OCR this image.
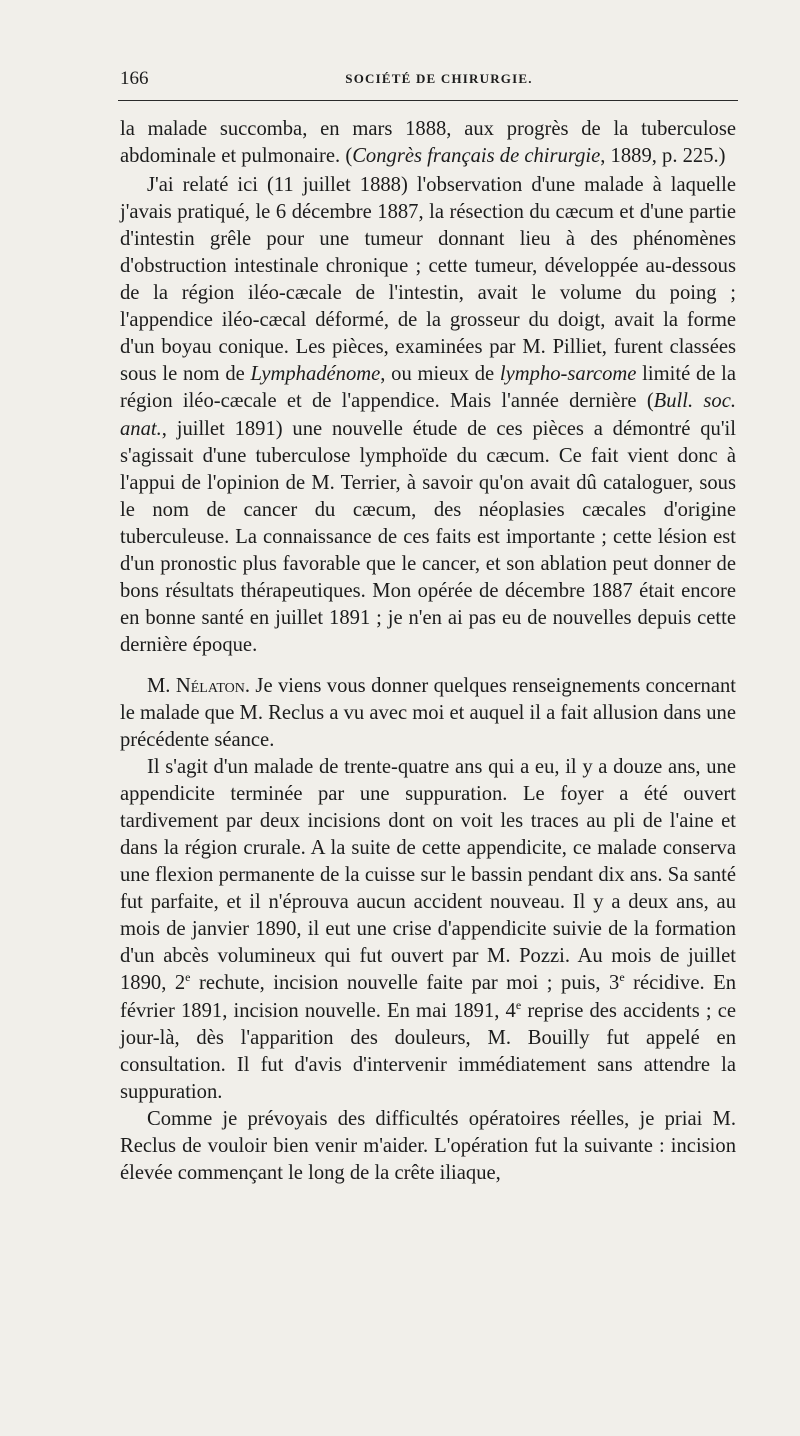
166	SOCIÉTÉ DE CHIRURGIE.

la malade succomba, en mars 1888, aux progrès de la tuberculose abdominale et pulmonaire. (Congrès français de chirurgie, 1889, p. 225.)

J'ai relaté ici (11 juillet 1888) l'observation d'une malade à laquelle j'avais pratiqué, le 6 décembre 1887, la résection du cæcum et d'une partie d'intestin grêle pour une tumeur donnant lieu à des phénomènes d'obstruction intestinale chronique ; cette tumeur, développée au-dessous de la région iléo-cæcale de l'intestin, avait le volume du poing ; l'appendice iléo-cæcal déformé, de la grosseur du doigt, avait la forme d'un boyau conique. Les pièces, examinées par M. Pilliet, furent classées sous le nom de Lymphadénome, ou mieux de lympho-sarcome limité de la région iléo-cæcale et de l'appendice. Mais l'année dernière (Bull. soc. anat., juillet 1891) une nouvelle étude de ces pièces a démontré qu'il s'agissait d'une tuberculose lymphoïde du cæcum. Ce fait vient donc à l'appui de l'opinion de M. Terrier, à savoir qu'on avait dû cataloguer, sous le nom de cancer du cæcum, des néoplasies cæcales d'origine tuberculeuse. La connaissance de ces faits est importante ; cette lésion est d'un pronostic plus favorable que le cancer, et son ablation peut donner de bons résultats thérapeutiques. Mon opérée de décembre 1887 était encore en bonne santé en juillet 1891 ; je n'en ai pas eu de nouvelles depuis cette dernière époque.

M. Nélaton. Je viens vous donner quelques renseignements concernant le malade que M. Reclus a vu avec moi et auquel il a fait allusion dans une précédente séance.

Il s'agit d'un malade de trente-quatre ans qui a eu, il y a douze ans, une appendicite terminée par une suppuration. Le foyer a été ouvert tardivement par deux incisions dont on voit les traces au pli de l'aine et dans la région crurale. A la suite de cette appendicite, ce malade conserva une flexion permanente de la cuisse sur le bassin pendant dix ans. Sa santé fut parfaite, et il n'éprouva aucun accident nouveau. Il y a deux ans, au mois de janvier 1890, il eut une crise d'appendicite suivie de la formation d'un abcès volumineux qui fut ouvert par M. Pozzi. Au mois de juillet 1890, 2e rechute, incision nouvelle faite par moi ; puis, 3e récidive. En février 1891, incision nouvelle. En mai 1891, 4e reprise des accidents ; ce jour-là, dès l'apparition des douleurs, M. Bouilly fut appelé en consultation. Il fut d'avis d'intervenir immédiatement sans attendre la suppuration.

Comme je prévoyais des difficultés opératoires réelles, je priai M. Reclus de vouloir bien venir m'aider. L'opération fut la suivante : incision élevée commençant le long de la crête iliaque,
